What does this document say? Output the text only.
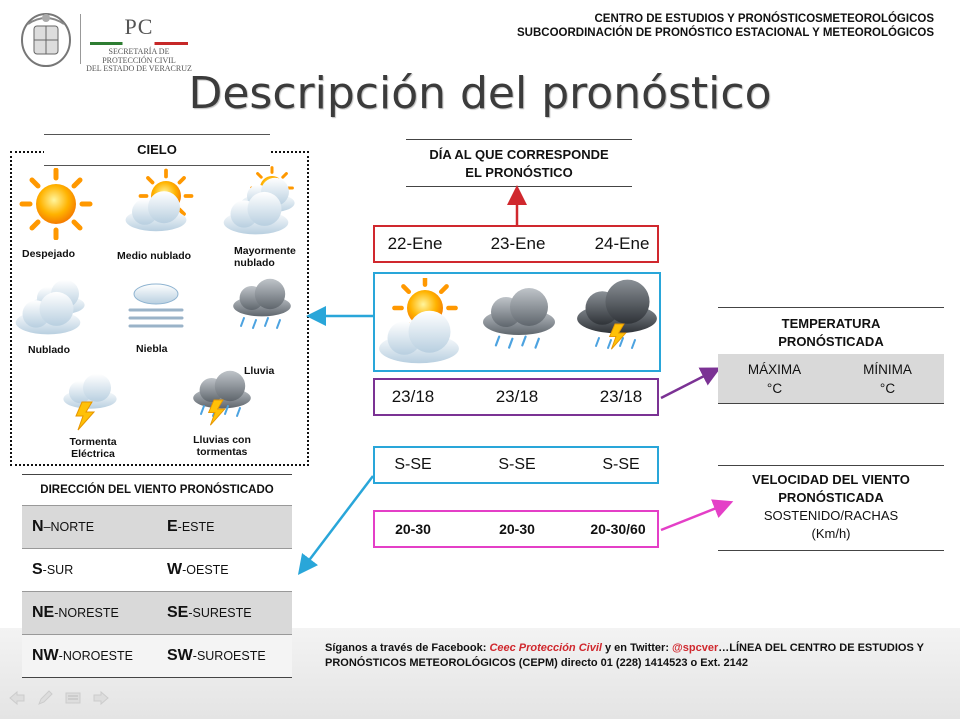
PC
SECRETARÍA DE
PROTECCIÓN CIVIL
DEL ESTADO DE VERACRUZ
CENTRO DE ESTUDIOS Y PRONÓSTICOSMETEOROLÓGICOS
SUBCOORDINACIÓN DE PRONÓSTICO ESTACIONAL Y METEOROLÓGICOS
Descripción del pronóstico
CIELO
Despejado	Medio nublado	Mayormente nublado
Nublado	Niebla
Lluvia
Tormenta Eléctrica
Lluvias con tormentas
DÍA AL QUE CORRESPONDE
EL PRONÓSTICO
22-Ene	23-Ene	24-Ene
23/18	23/18	23/18
S-SE	S-SE	S-SE
20-30	20-30	20-30/60
TEMPERATURA
PRONÓSTICADA
MÁXIMA
°C
MÍNIMA
°C
VELOCIDAD DEL VIENTO
PRONÓSTICADA
SOSTENIDO/RACHAS
(Km/h)
DIRECCIÓN DEL VIENTO PRONÓSTICADO
N–NORTE	E-ESTE
S-SUR	W-OESTE
NE-NORESTE	SE-SURESTE
NW-NOROESTE	SW-SUROESTE
Síganos a través de Facebook: Ceec Protección Civil y en Twitter: @spcver…LÍNEA DEL CENTRO DE ESTUDIOS Y PRONÓSTICOS METEOROLÓGICOS (CEPM) directo 01 (228) 1414523 o Ext. 2142
